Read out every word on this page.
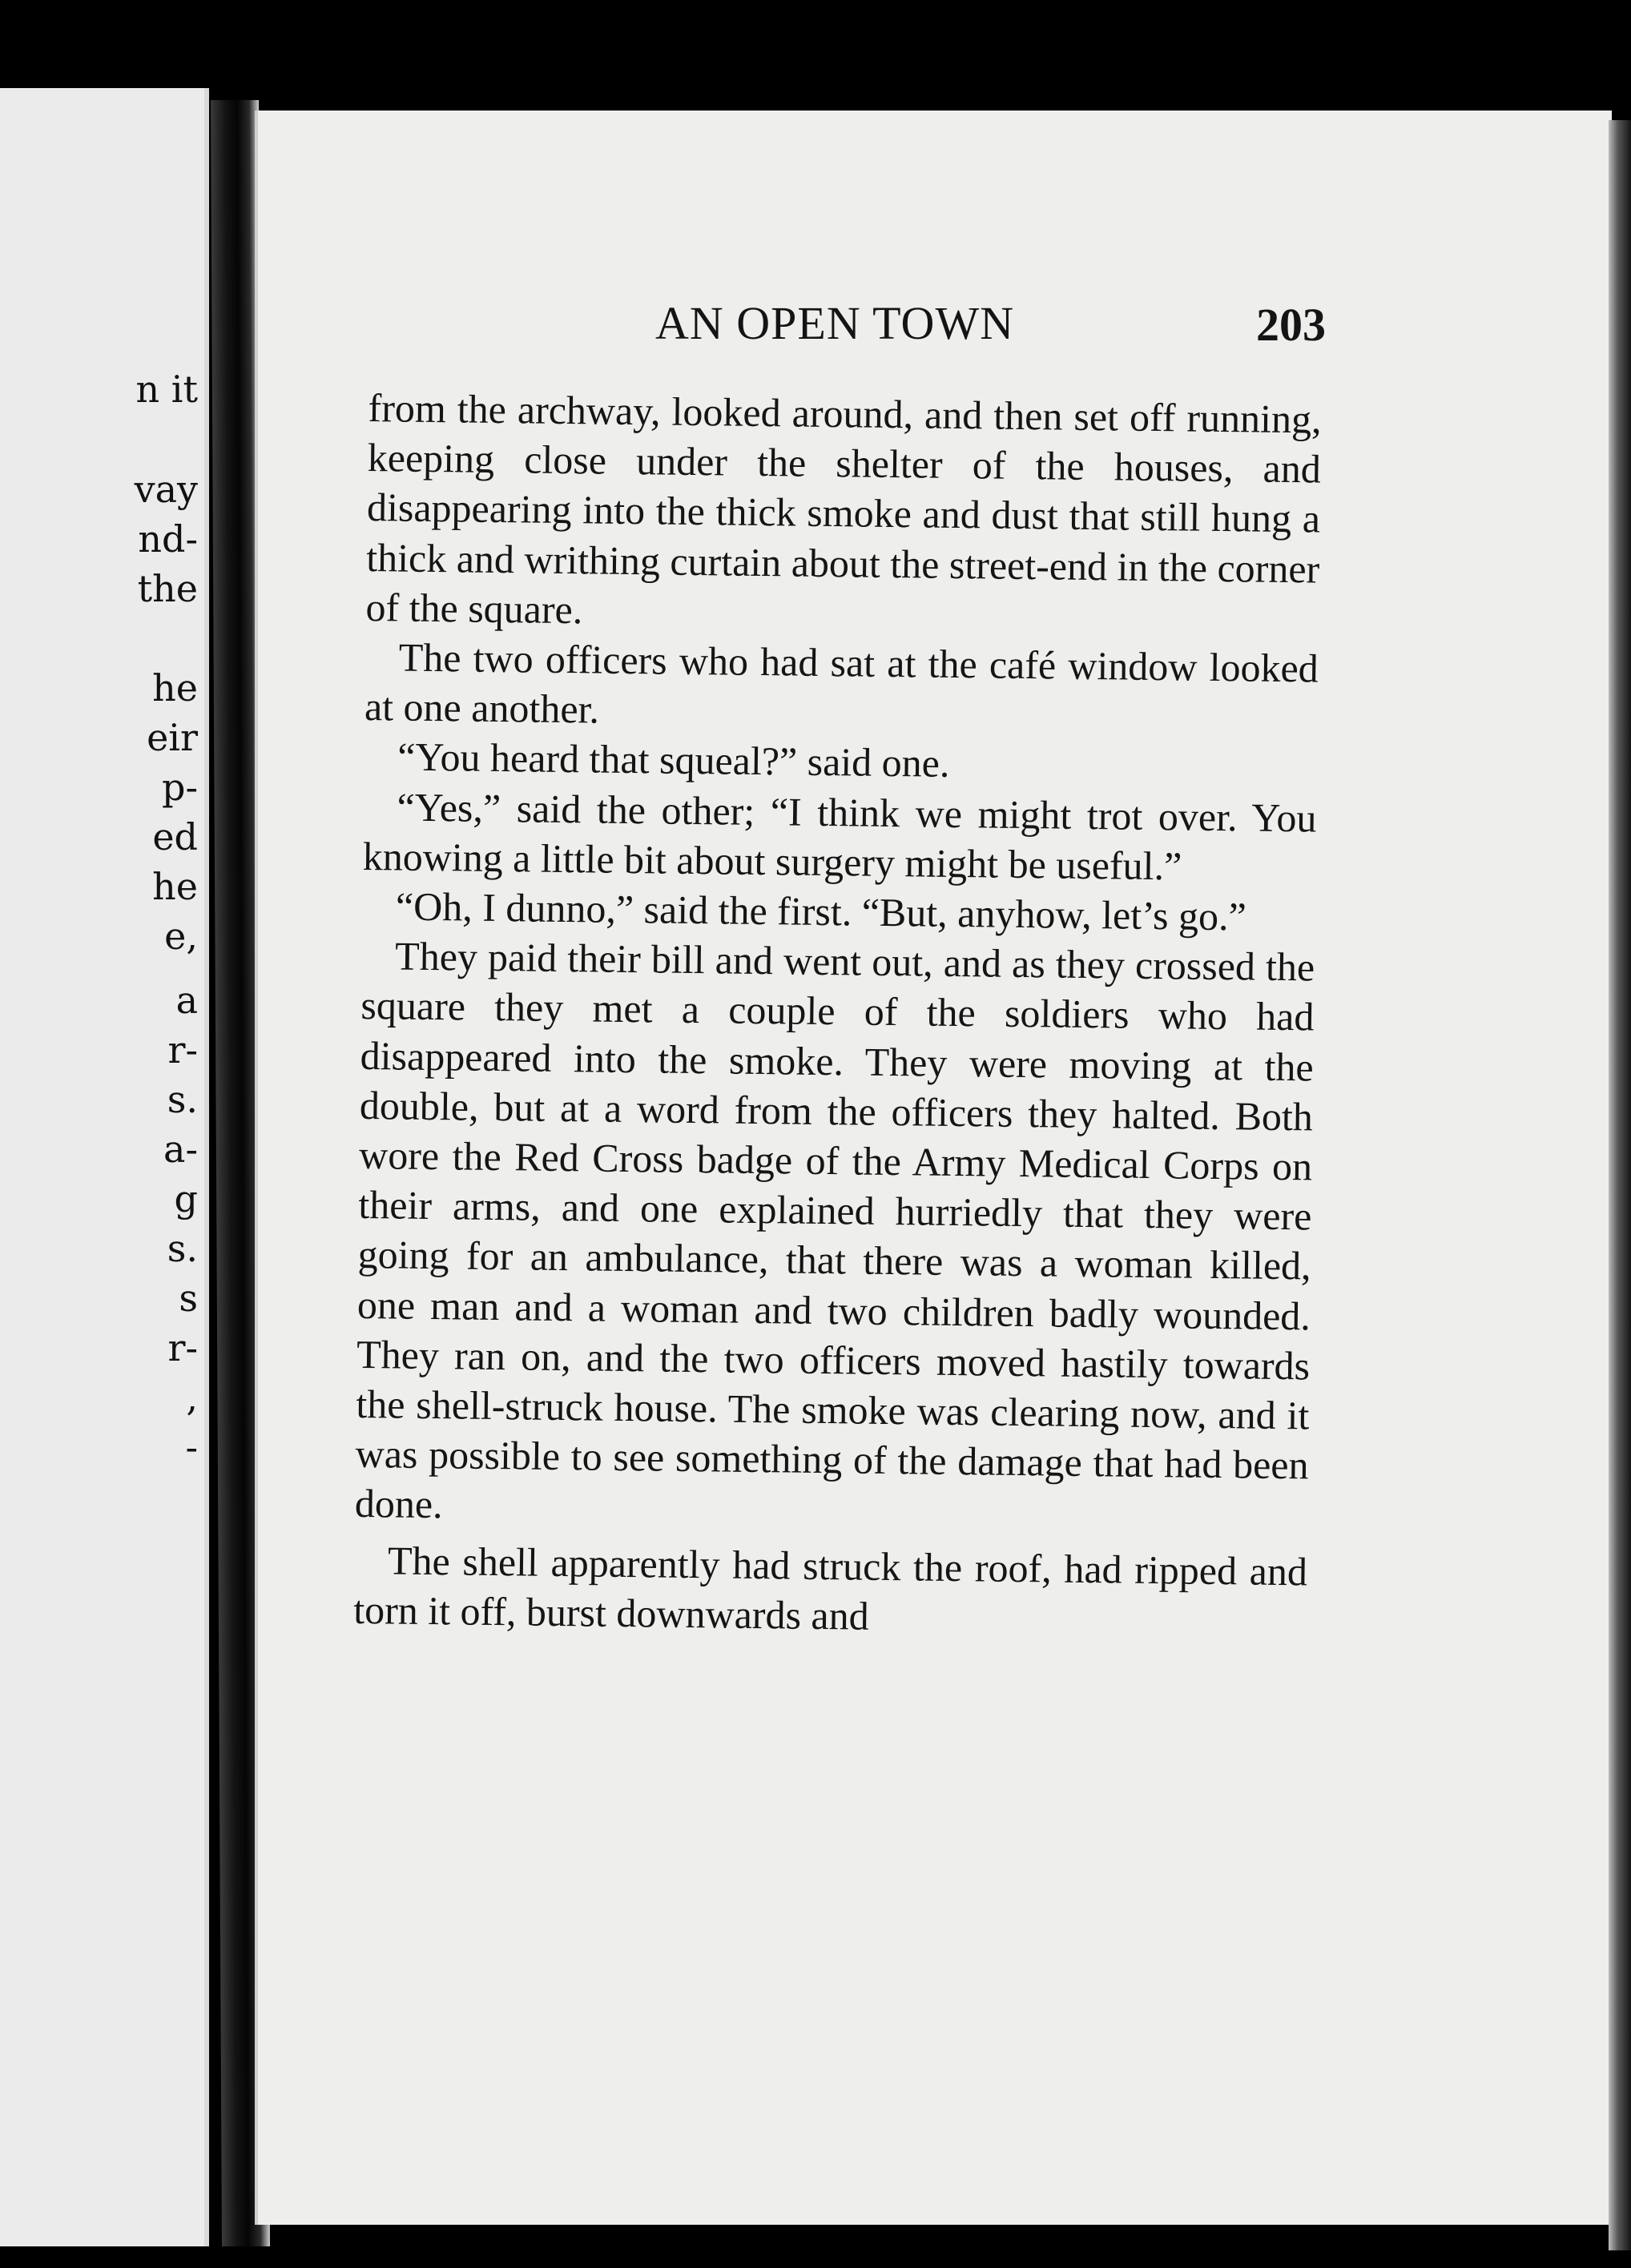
n it
vay
nd-
the
he
eir
p-
ed
he
e,
a
r-
s.
a-
g
s.
s
r-
,
-
AN OPEN TOWN	203

from the archway, looked around, and then set off running, keeping close under the shelter of the houses, and disappearing into the thick smoke and dust that still hung a thick and writhing curtain about the street-end in the corner of the square.

The two officers who had sat at the café window looked at one another.

“You heard that squeal?” said one.

“Yes,” said the other; “I think we might trot over. You knowing a little bit about surgery might be useful.”

“Oh, I dunno,” said the first. “But, anyhow, let’s go.”

They paid their bill and went out, and as they crossed the square they met a couple of the soldiers who had disappeared into the smoke. They were moving at the double, but at a word from the officers they halted. Both wore the Red Cross badge of the Army Medical Corps on their arms, and one explained hurriedly that they were going for an ambulance, that there was a woman killed, one man and a woman and two children badly wounded. They ran on, and the two officers moved hastily towards the shell-struck house. The smoke was clearing now, and it was possible to see something of the damage that had been done.

The shell apparently had struck the roof, had ripped and torn it off, burst downwards and
